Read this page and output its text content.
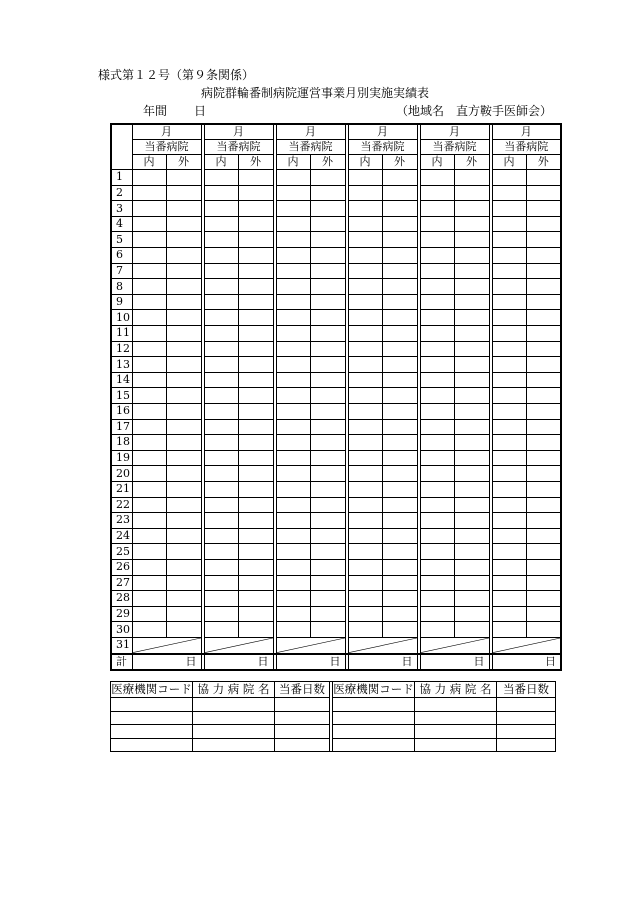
様式第１２号（第９条関係）
病院群輪番制病院運営事業月別実施実績表
年間 日	（地域名　直方鞍手医師会）
	月			月			月			月			月			月	
	当番病院			当番病院			当番病院			当番病院			当番病院			当番病院	
	内	外		内	外		内	外		内	外		内	外		内	外
1																	
2																	
3																	
4																	
5																	
6																	
7																	
8																	
9																	
10																	
11																	
12																	
13																	
14																	
15																	
16																	
17																	
18																	
19																	
20																	
21																	
22																	
23																	
24																	
25																	
26																	
27																	
28																	
29																	
30																	
31	

計	日			日			日			日			日			日	
医療機関コード	協 力 病 院 名	当番日数		医療機関コード	協 力 病 院 名	当番日数
